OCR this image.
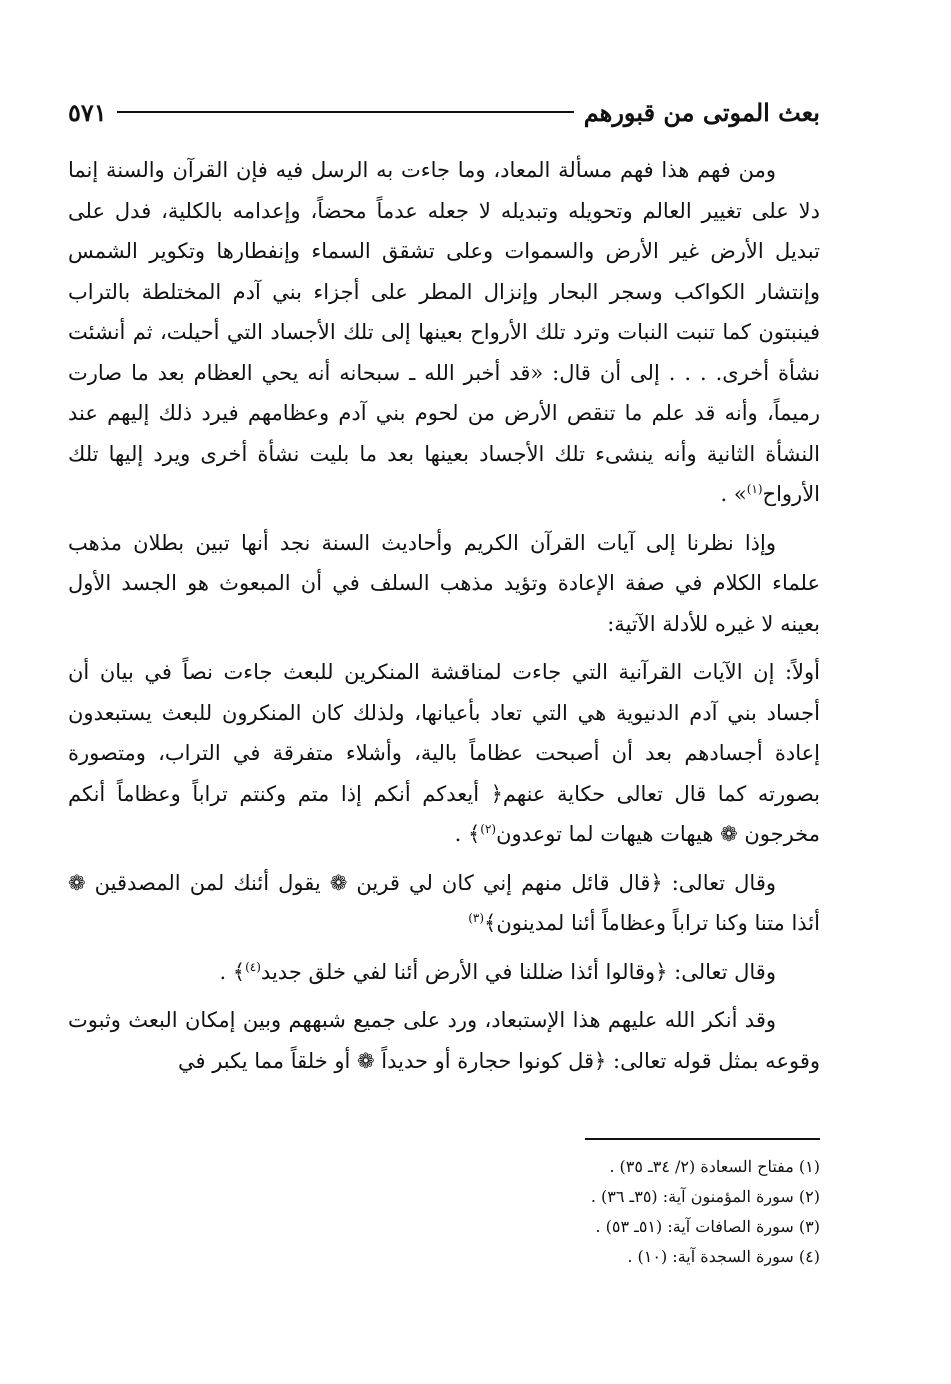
بعث الموتى من قبورهم
٥٧١

ومن فهم هذا فهم مسألة المعاد، وما جاءت به الرسل فيه فإن القرآن والسنة إنما دلا على تغيير العالم وتحويله وتبديله لا جعله عدماً محضاً، وإعدامه بالكلية، فدل على تبديل الأرض غير الأرض والسموات وعلى تشقق السماء وإنفطارها وتكوير الشمس وإنتشار الكواكب وسجر البحار وإنزال المطر على أجزاء بني آدم المختلطة بالتراب فينبتون كما تنبت النبات وترد تلك الأرواح بعينها إلى تلك الأجساد التي أحيلت، ثم أنشئت نشأة أخرى. . . . إلى أن قال: «قد أخبر الله ـ سبحانه أنه يحي العظام بعد ما صارت رميماً، وأنه قد علم ما تنقص الأرض من لحوم بني آدم وعظامهم فيرد ذلك إليهم عند النشأة الثانية وأنه ينشىء تلك الأجساد بعينها بعد ما بليت نشأة أخرى ويرد إليها تلك الأرواح$^{(١)}$» .

وإذا نظرنا إلى آيات القرآن الكريم وأحاديث السنة نجد أنها تبين بطلان مذهب علماء الكلام في صفة الإعادة وتؤيد مذهب السلف في أن المبعوث هو الجسد الأول بعينه لا غيره للأدلة الآتية:

أولاً: إن الآيات القرآنية التي جاءت لمناقشة المنكرين للبعث جاءت نصاً في بيان أن أجساد بني آدم الدنيوية هي التي تعاد بأعيانها، ولذلك كان المنكرون للبعث يستبعدون إعادة أجسادهم بعد أن أصبحت عظاماً بالية، وأشلاء متفرقة في التراب، ومتصورة بصورته كما قال تعالى حكاية عنهم﴿ أيعدكم أنكم إذا متم وكنتم تراباً وعظاماً أنكم مخرجون ❁ هيهات هيهات لما توعدون$^{(٢)}$﴾ .

وقال تعالى: ﴿قال قائل منهم إني كان لي قرين ❁ يقول أئنك لمن المصدقين ❁ أئذا متنا وكنا تراباً وعظاماً أئنا لمدينون﴾$^{(٣)}$

وقال تعالى: ﴿وقالوا أئذا ضللنا في الأرض أئنا لفي خلق جديد$^{(٤)}$﴾ .

وقد أنكر الله عليهم هذا الإستبعاد، ورد على جميع شبههم وبين إمكان البعث وثبوت وقوعه بمثل قوله تعالى: ﴿قل كونوا حجارة أو حديداً ❁ أو خلقاً مما يكبر في

(١) مفتاح السعادة (٢/ ٣٤ـ ٣٥) .
(٢) سورة المؤمنون آية: (٣٥ـ ٣٦) .
(٣) سورة الصافات آية: (٥١ـ ٥٣) .
(٤) سورة السجدة آية: (١٠) .
